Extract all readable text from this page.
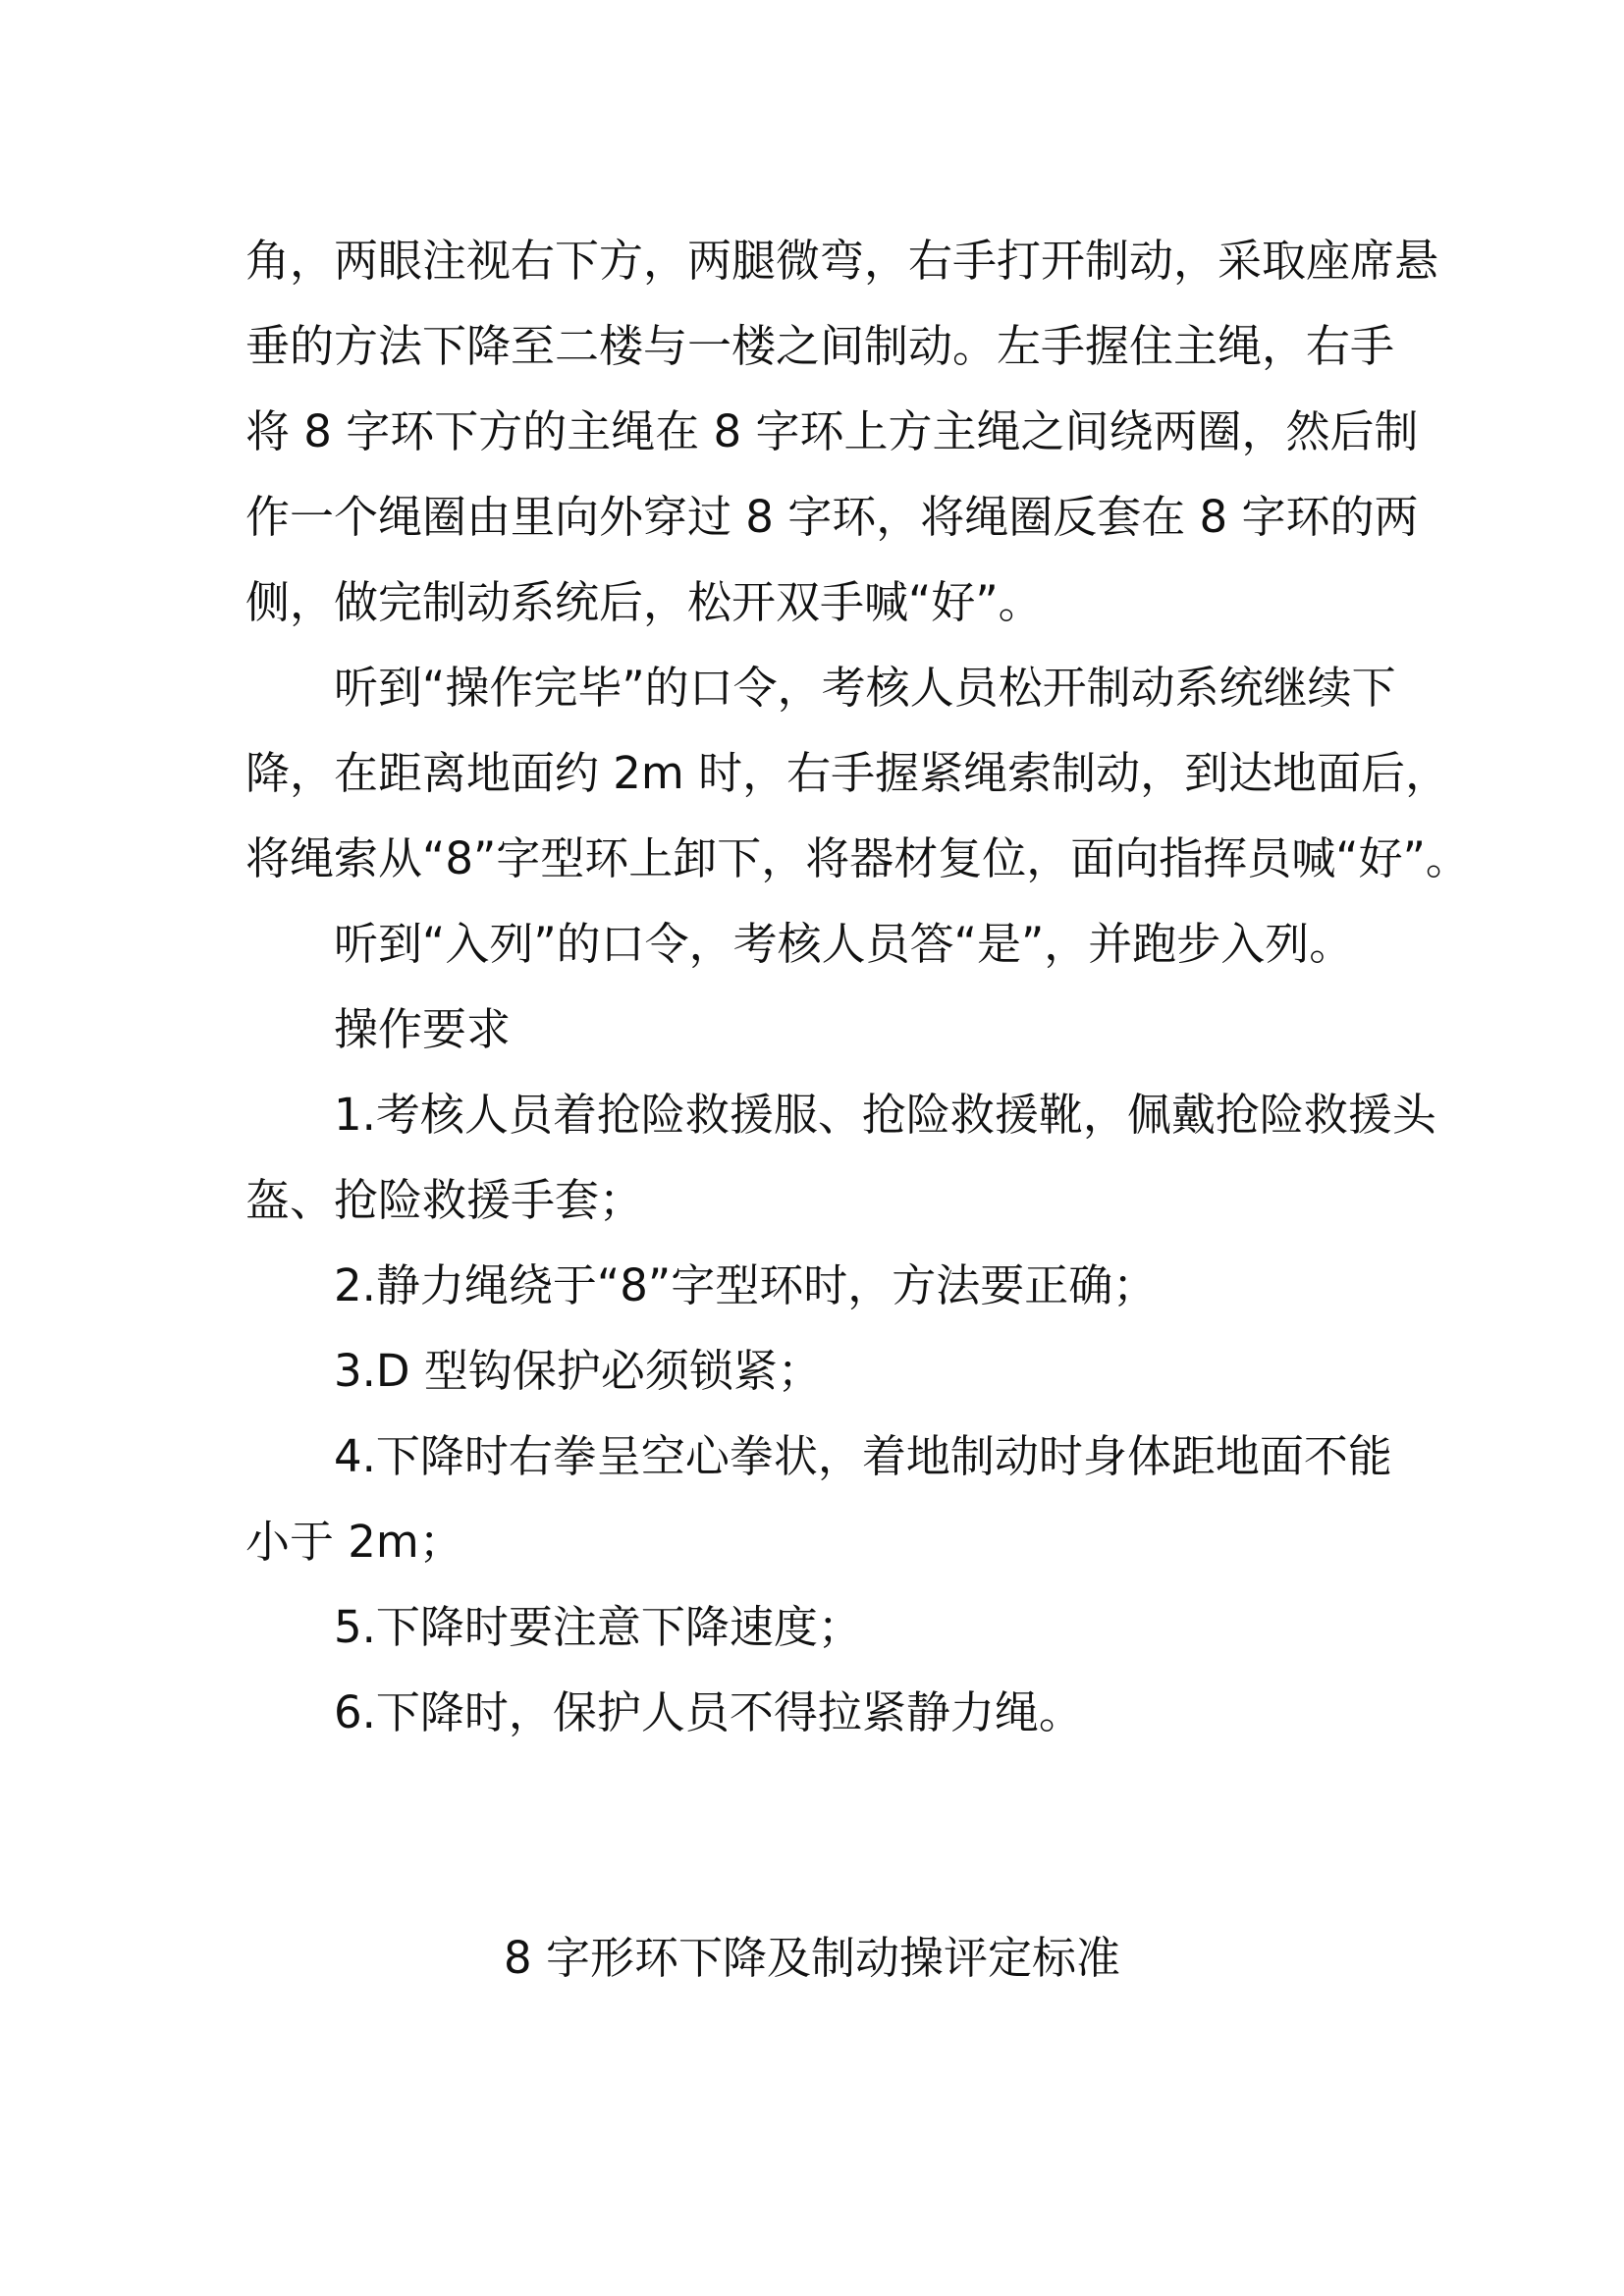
角，两眼注视右下方，两腿微弯，右手打开制动，采取座席悬
垂的方法下降至二楼与一楼之间制动。左手握住主绳，右手
将 8 字环下方的主绳在 8 字环上方主绳之间绕两圈，然后制
作一个绳圈由里向外穿过 8 字环，将绳圈反套在 8 字环的两
侧，做完制动系统后，松开双手喊“好”。
听到“操作完毕”的口令，考核人员松开制动系统继续下
降，在距离地面约 2m 时，右手握紧绳索制动，到达地面后，
将绳索从“8”字型环上卸下，将器材复位，面向指挥员喊“好”。
听到“入列”的口令，考核人员答“是”，并跑步入列。
操作要求
1.考核人员着抢险救援服、抢险救援靴，佩戴抢险救援头
盔、抢险救援手套；
2.静力绳绕于“8”字型环时，方法要正确；
3.D 型钩保护必须锁紧；
4.下降时右拳呈空心拳状，着地制动时身体距地面不能
小于 2m；
5.下降时要注意下降速度；
6.下降时，保护人员不得拉紧静力绳。
8 字形环下降及制动操评定标准
